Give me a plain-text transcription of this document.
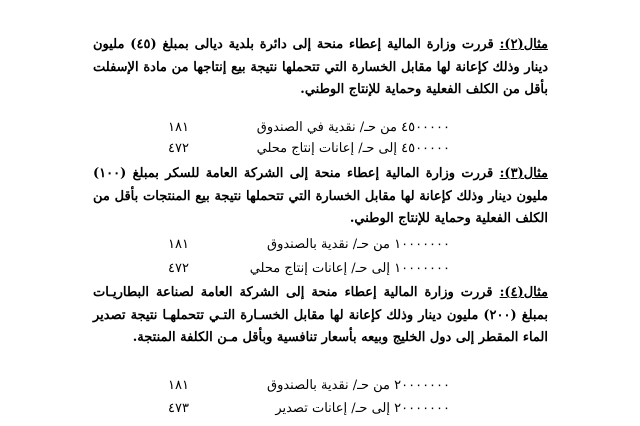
مثال(٢): قررت وزارة المالية إعطاء منحة إلى دائرة بلدية ديالى بمبلغ (٤٥) مليون دينار وذلك كإعانة لها مقابل الخسارة التي تتحملها نتيجة بيع إنتاجها من مادة الإسفلت بأقل من الكلف الفعلية وحماية للإنتاج الوطني.
٤٥٠٠٠٠٠ من حـ/ نقدية في الصندوق
١٨١
٤٥٠٠٠٠٠ إلى حـ/ إعانات إنتاج محلي
٤٧٢
مثال(٣): قررت وزارة المالية إعطاء منحة إلى الشركة العامة للسكر بمبلغ (١٠٠) مليون دينار وذلك كإعانة لها مقابل الخسارة التي تتحملها نتيجة بيع المنتجات بأقل من الكلف الفعلية وحماية للإنتاج الوطني.
١٠٠٠٠٠٠٠ من حـ/ نقدية بالصندوق
١٨١
١٠٠٠٠٠٠٠ إلى حـ/ إعانات إنتاج محلي
٤٧٢
مثال(٤): قررت وزارة المالية إعطاء منحة إلى الشركة العامة لصناعة البطاريـات بمبلغ (٢٠٠) مليون دينار وذلك كإعانة لها مقابل الخسـارة التـي تتحملهـا نتيجة تصدير الماء المقطر إلى دول الخليج وبيعه بأسعار تنافسية وبأقل مـن الكلفة المنتجة.
٢٠٠٠٠٠٠٠ من حـ/ نقدية بالصندوق
١٨١
٢٠٠٠٠٠٠٠ إلى حـ/ إعانات تصدير
٤٧٣
